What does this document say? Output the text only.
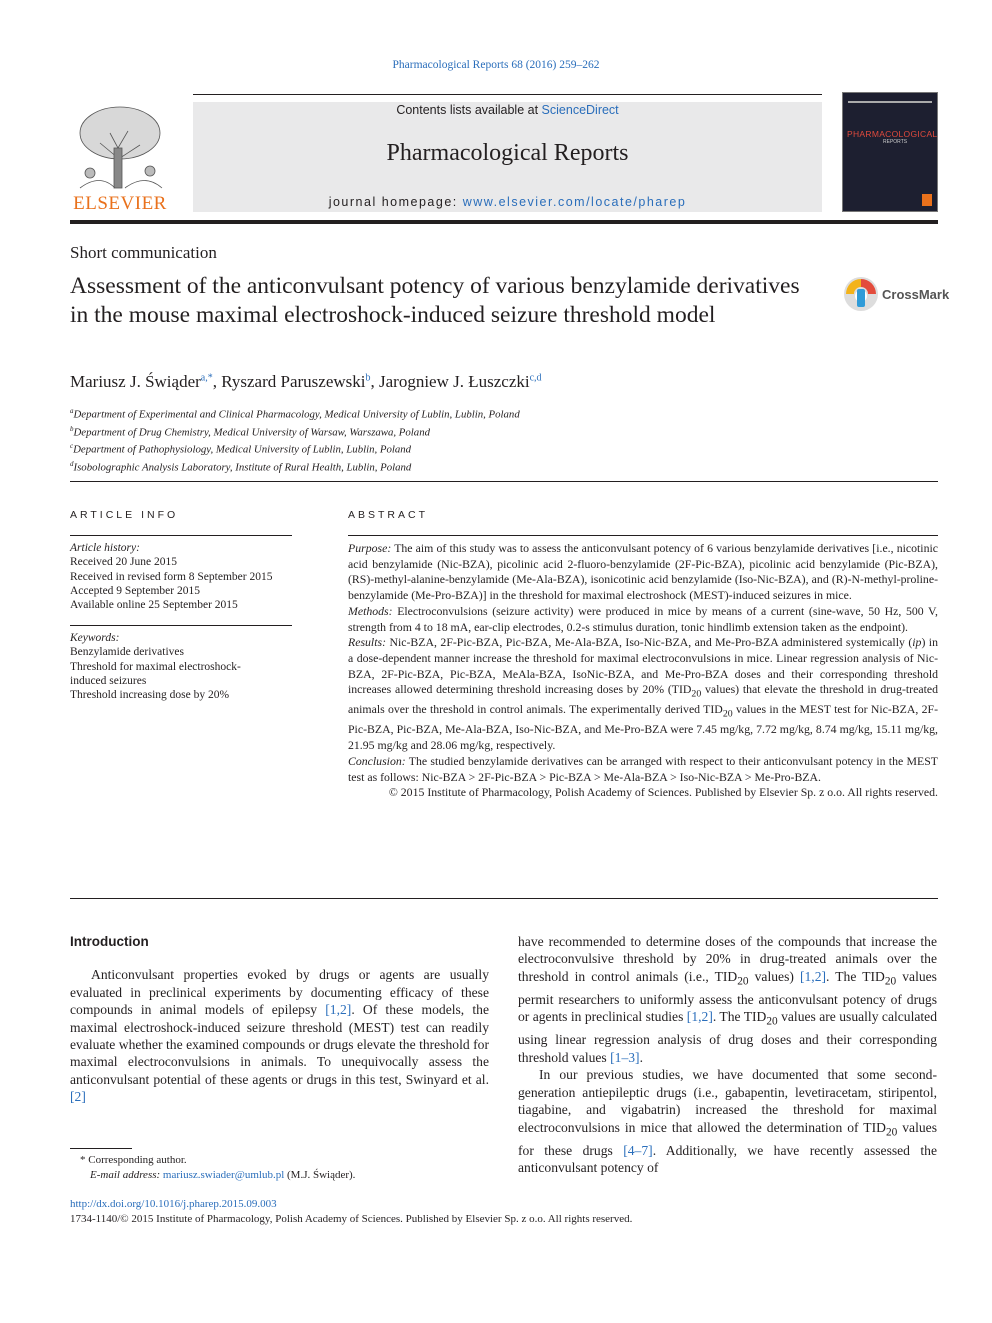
Pharmacological Reports 68 (2016) 259–262
ELSEVIER
Contents lists available at ScienceDirect
Pharmacological Reports
journal homepage: www.elsevier.com/locate/pharep
PHARMACOLOGICAL
REPORTS
Short communication
Assessment of the anticonvulsant potency of various benzylamide derivatives in the mouse maximal electroshock-induced seizure threshold model
CrossMark
Mariusz J. Świąder$^{a,*}$, Ryszard Paruszewski$^b$, Jarogniew J. Łuszczki$^{c,d}$
$^a$Department of Experimental and Clinical Pharmacology, Medical University of Lublin, Lublin, Poland
$^b$Department of Drug Chemistry, Medical University of Warsaw, Warszawa, Poland
$^c$Department of Pathophysiology, Medical University of Lublin, Lublin, Poland
$^d$Isobolographic Analysis Laboratory, Institute of Rural Health, Lublin, Poland
ARTICLE INFO
Article history:
Received 20 June 2015
Received in revised form 8 September 2015
Accepted 9 September 2015
Available online 25 September 2015
Keywords:
Benzylamide derivatives
Threshold for maximal electroshock-induced seizures
Threshold increasing dose by 20%
ABSTRACT

Purpose: The aim of this study was to assess the anticonvulsant potency of 6 various benzylamide derivatives [i.e., nicotinic acid benzylamide (Nic-BZA), picolinic acid 2-fluoro-benzylamide (2F-Pic-BZA), picolinic acid benzylamide (Pic-BZA), (RS)-methyl-alanine-benzylamide (Me-Ala-BZA), isonicotinic acid benzylamide (Iso-Nic-BZA), and (R)-N-methyl-proline-benzylamide (Me-Pro-BZA)] in the threshold for maximal electroshock (MEST)-induced seizures in mice.

Methods: Electroconvulsions (seizure activity) were produced in mice by means of a current (sine-wave, 50 Hz, 500 V, strength from 4 to 18 mA, ear-clip electrodes, 0.2-s stimulus duration, tonic hindlimb extension taken as the endpoint).

Results: Nic-BZA, 2F-Pic-BZA, Pic-BZA, Me-Ala-BZA, Iso-Nic-BZA, and Me-Pro-BZA administered systemically (ip) in a dose-dependent manner increase the threshold for maximal electroconvulsions in mice. Linear regression analysis of Nic-BZA, 2F-Pic-BZA, Pic-BZA, MeAla-BZA, IsoNic-BZA, and Me-Pro-BZA doses and their corresponding threshold increases allowed determining threshold increasing doses by 20% ($TID_{20}$ values) that elevate the threshold in drug-treated animals over the threshold in control animals. The experimentally derived $TID_{20}$ values in the MEST test for Nic-BZA, 2F-Pic-BZA, Pic-BZA, Me-Ala-BZA, Iso-Nic-BZA, and Me-Pro-BZA were 7.45 mg/kg, 7.72 mg/kg, 8.74 mg/kg, 15.11 mg/kg, 21.95 mg/kg and 28.06 mg/kg, respectively.

Conclusion: The studied benzylamide derivatives can be arranged with respect to their anticonvulsant potency in the MEST test as follows: Nic-BZA > 2F-Pic-BZA > Pic-BZA > Me-Ala-BZA > Iso-Nic-BZA > Me-Pro-BZA.

© 2015 Institute of Pharmacology, Polish Academy of Sciences. Published by Elsevier Sp. z o.o. All rights reserved.

Introduction

Anticonvulsant properties evoked by drugs or agents are usually evaluated in preclinical experiments by documenting efficacy of these compounds in animal models of epilepsy [1,2]. Of these models, the maximal electroshock-induced seizure threshold (MEST) test can readily evaluate whether the examined compounds or drugs elevate the threshold for maximal electroconvulsions in animals. To unequivocally assess the anticonvulsant potential of these agents or drugs in this test, Swinyard et al. [2]

have recommended to determine doses of the compounds that increase the electroconvulsive threshold by 20% in drug-treated animals over the threshold in control animals (i.e., $TID_{20}$ values) [1,2]. The $TID_{20}$ values permit researchers to uniformly assess the anticonvulsant potency of drugs or agents in preclinical studies [1,2]. The $TID_{20}$ values are usually calculated using linear regression analysis of drug doses and their corresponding threshold values [1–3].

In our previous studies, we have documented that some second-generation antiepileptic drugs (i.e., gabapentin, levetiracetam, stiripentol, tiagabine, and vigabatrin) increased the threshold for maximal electroconvulsions in mice that allowed the determination of $TID_{20}$ values for these drugs [4–7]. Additionally, we have recently assessed the anticonvulsant potency of

* Corresponding author.
E-mail address: mariusz.swiader@umlub.pl (M.J. Świąder).
http://dx.doi.org/10.1016/j.pharep.2015.09.003
1734-1140/© 2015 Institute of Pharmacology, Polish Academy of Sciences. Published by Elsevier Sp. z o.o. All rights reserved.
